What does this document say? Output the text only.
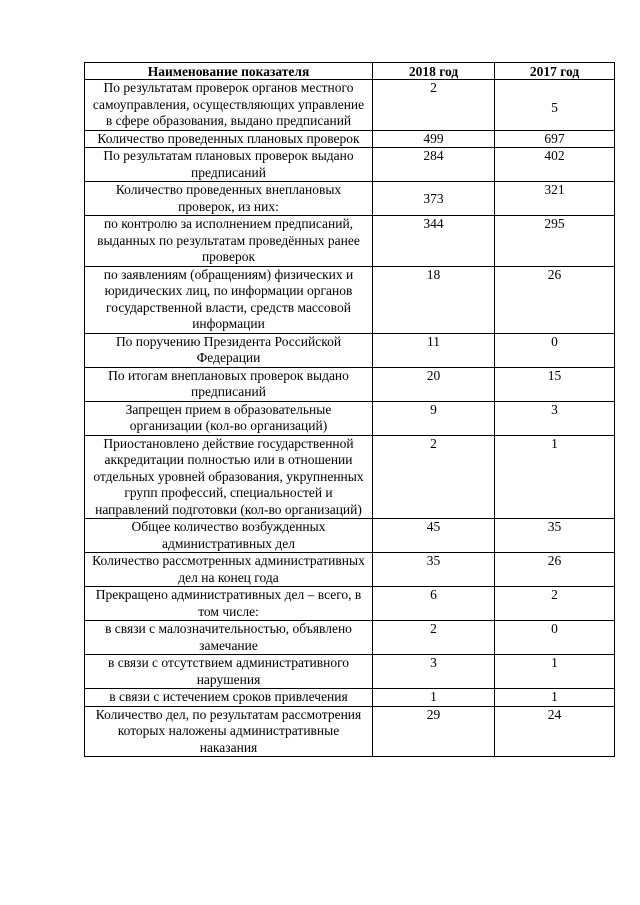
Наименование показателя	2018 год	2017 год
По результатам проверок органов местного самоуправления, осуществляющих управление в сфере образования, выдано предписаний	2	5
Количество проведенных плановых проверок	499	697
По результатам плановых проверок выдано предписаний	284	402
Количество проведенных внеплановых проверок, из них:	373	321
по контролю за исполнением предписаний, выданных по результатам проведённых ранее проверок	344	295
по заявлениям (обращениям) физических и юридических лиц, по информации органов государственной власти, средств массовой информации	18	26
По поручению Президента Российской Федерации	11	0
По итогам внеплановых проверок выдано предписаний	20	15
Запрещен прием в образовательные организации (кол-во организаций)	9	3
Приостановлено действие государственной аккредитации полностью или в отношении отдельных уровней образования, укрупненных групп профессий, специальностей и направлений подготовки (кол-во организаций)	2	1
Общее количество возбужденных административных дел	45	35
Количество рассмотренных административных дел на конец года	35	26
Прекращено административных дел – всего, в том числе:	6	2
в связи с малозначительностью, объявлено замечание	2	0
в связи с отсутствием административного нарушения	3	1
в связи с истечением сроков привлечения	1	1
Количество дел, по результатам рассмотрения которых наложены административные наказания	29	24
